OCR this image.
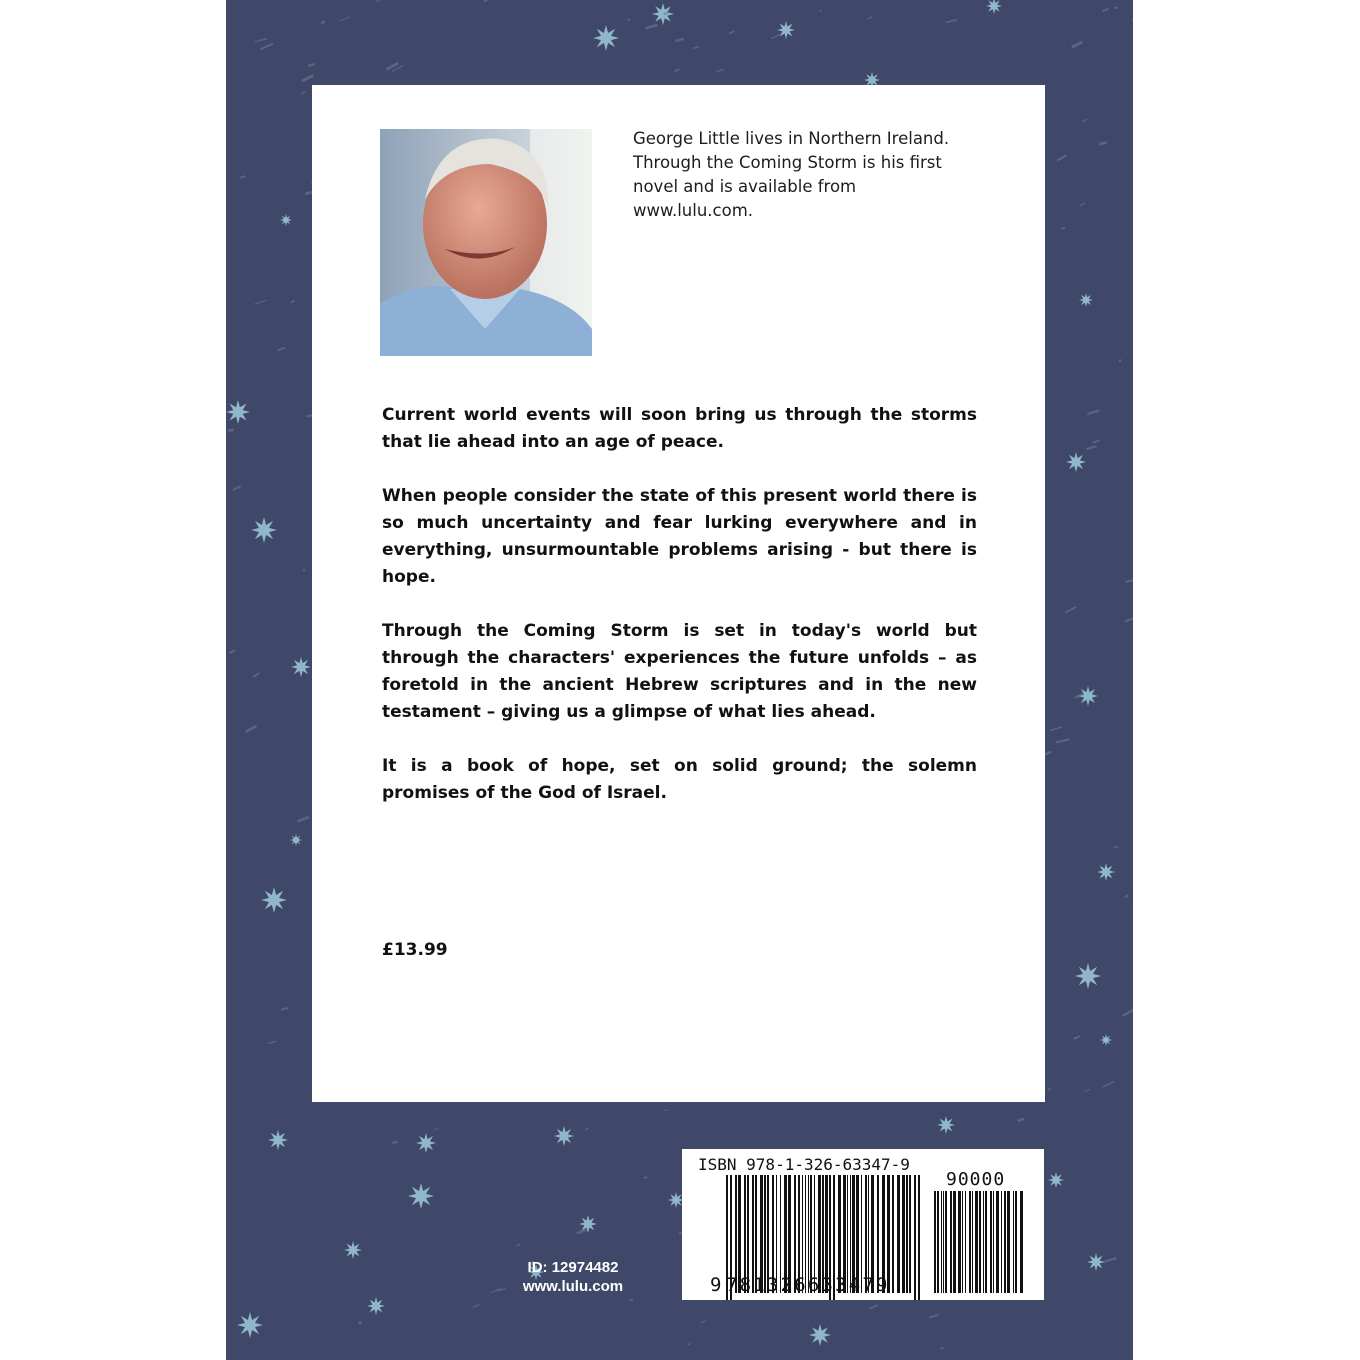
George Little lives in Northern Ireland.
Through the Coming Storm is his first
novel and is available from
www.lulu.com.

Current world events will soon bring us through the storms that lie ahead into an age of peace.

When people consider the state of this present world there is so much uncertainty and fear lurking everywhere and in everything, unsurmountable problems arising - but there is hope.

Through the Coming Storm is set in today's world but through the characters' experiences the future unfolds – as foretold in the ancient Hebrew scriptures and in the new testament – giving us a glimpse of what lies ahead.

It is a book of hope, set on solid ground; the solemn promises of the God of Israel.

£13.99
ID: 12974482
www.lulu.com
ISBN 978-1-326-63347-9
90000
9 781326633479
